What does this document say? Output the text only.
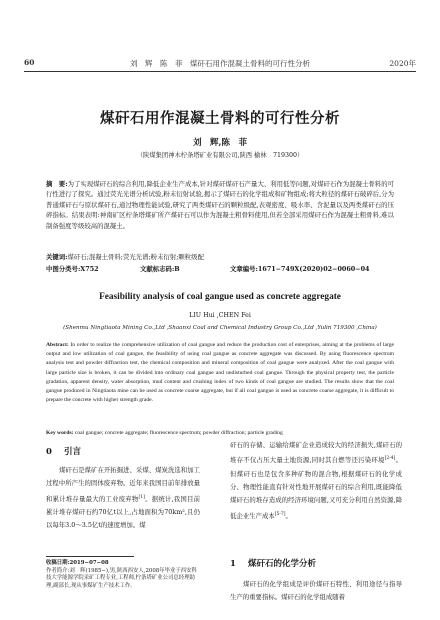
60	刘　辉　陈　菲　煤矸石用作混凝土骨料的可行性分析	2020年
煤矸石用作混凝土骨料的可行性分析
刘　辉,陈　菲
（陕煤集团神木柠条塔矿业有限公司,陕西 榆林　719300）
摘　要:为了实现煤矸石的综合利用,降低企业生产成本,针对煤矸煤矸石产量大、利用低等问题,对煤矸石作为混凝土骨料的可行性进行了探究。通过荧光光谱分析试验,粉末衍射试验,揭示了煤矸石的化学组成和矿物组成;将大粒径的煤矸石破碎后,分为普通煤矸石与原状煤矸石,通过物理性能试验,研究了两类煤矸石的颗粒级配,表观密度、吸水率、含泥量以及两类煤矸石的压碎指标。结果表明:神南矿区柠条塔煤矿所产煤矸石可以作为混凝土粗骨料使用,但若全部采用煤矸石作为混凝土粗骨料,难以制备强度等级较高的混凝土。
关键词:煤矸石;混凝土骨料;荧光光谱;粉末衍射;颗粒级配
中图分类号:X752	文献标志码:B	文章编号:1671−749X(2020)02−0060−04
Feasibility analysis of coal gangue used as concrete aggregate
LIU Hui ,CHEN Fei
(Shenmu Ningtiaota Mining Co.,Ltd ,Shaanxi Coal and Chemical Industry Group Co.,Ltd ,Yulin 719300 ,China)
Abstract: In order to realize the comprehensive utilization of coal gangue and reduce the production cost of enterprises, aiming at the problems of large output and low utilization of coal gangue, the feasibility of using coal gangue as concrete aggregate was discussed. By using fluorescence spectrum analysis test and powder diffraction test, the chemical composition and mineral composition of coal gangue were analyzed. After the coal gangue with large particle size is broken, it can be divided into ordinary coal gangue and undisturbed coal gangue. Through the physical property test, the particle gradation, apparent density, water absorption, mud content and crushing index of two kinds of coal gangue are studied. The results show that the coal gangue produced in Ningtiaota mine can be used as concrete coarse aggregate, but if all coal gangue is used as concrete coarse aggregate, it is difficult to prepare the concrete with higher strength grade.
Key words: coal gangue; concrete aggregate; fluorescence spectrum; powder diffraction; particle grading
0 引言
煤矸石是煤矿在开拓掘进、采煤、煤炭洗选和加工过程中所产生的固体废弃物。近年来我国目前年排放量和累计堆存量最大的工业废弃物[1]。据统计,我国目前累计堆存煤矸石约70亿t以上,占地面积为70km²,且仍以每年3.0～3.5亿t的速度增加。煤
收稿日期:2019−07−08
作者简介:刘　辉(1985−),男,陕西西安人,2008年毕业于西安科技大学能源学院采矿工程专业,工程师,柠条塔矿业公司总经理助理,副部长,现从事煤矿生产技术工作。
矸石的存储、运输给煤矿企业造成较大的经济损失,煤矸石的堆存不仅占压大量土地资源,同时其自燃等还污染环境[2-4]。但煤矸石也是包含多种矿物的混合物,根据煤矸石的化学成分、物理性能直有针对性地开展煤矸石的综合利用,既能降低煤矸石的堆存造成的经济环境问题,又可充分利用自然资源,降低企业生产成本[5-7]。
1 煤矸石的化学分析
煤矸石的化学组成是评价煤矸石特性、利用途径与指导生产的重要指标。煤矸石的化学组成随着
